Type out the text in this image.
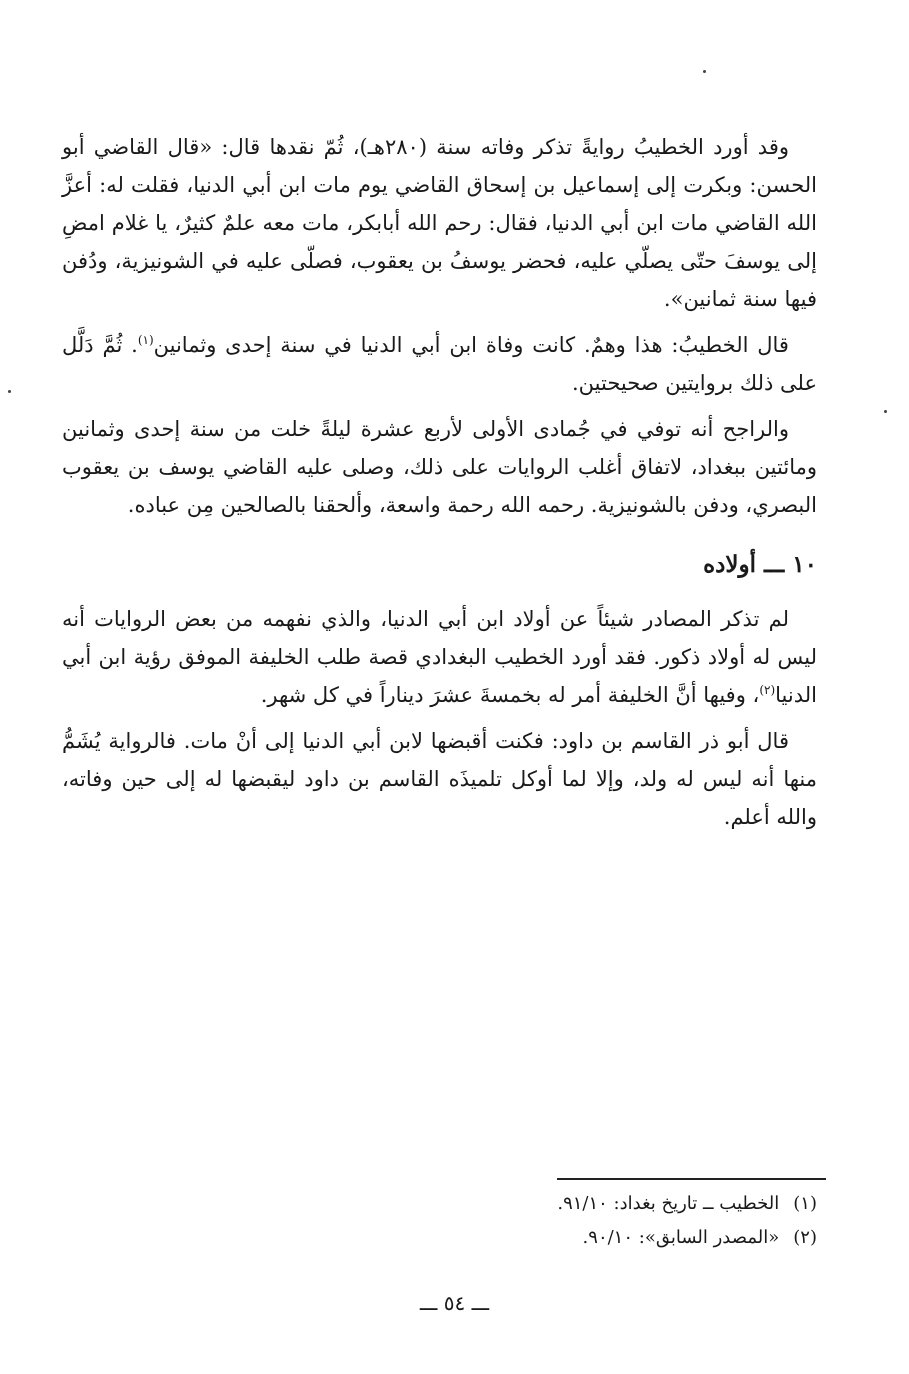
وقد أورد الخطيبُ روايةً تذكر وفاته سنة (٢٨٠هـ)، ثُمّ نقدها قال: «قال القاضي أبو الحسن: وبكرت إلى إسماعيل بن إسحاق القاضي يوم مات ابن أبي الدنيا، فقلت له: أعزَّ الله القاضي مات ابن أبي الدنيا، فقال: رحم الله أبابكر، مات معه علمٌ كثيرٌ، يا غلام امضِ إلى يوسفَ حتّى يصلّي عليه، فحضر يوسفُ بن يعقوب، فصلّى عليه في الشونيزية، ودُفن فيها سنة ثمانين».

قال الخطيبُ: هذا وهمٌ. كانت وفاة ابن أبي الدنيا في سنة إحدى وثمانين$^{(١)}$. ثُمَّ دَلَّل على ذلك بروايتين صحيحتين.

والراجح أنه توفي في جُمادى الأولى لأربع عشرة ليلةً خلت من سنة إحدى وثمانين ومائتين ببغداد، لاتفاق أغلب الروايات على ذلك، وصلى عليه القاضي يوسف بن يعقوب البصري، ودفن بالشونيزية. رحمه الله رحمة واسعة، وألحقنا بالصالحين مِن عباده.

١٠ ـــ أولاده

لم تذكر المصادر شيئاً عن أولاد ابن أبي الدنيا، والذي نفهمه من بعض الروايات أنه ليس له أولاد ذكور. فقد أورد الخطيب البغدادي قصة طلب الخليفة الموفق رؤية ابن أبي الدنيا$^{(٢)}$، وفيها أنَّ الخليفة أمر له بخمسةَ عشرَ ديناراً في كل شهر.

قال أبو ذر القاسم بن داود: فكنت أقبضها لابن أبي الدنيا إلى أنْ مات. فالرواية يُشَمُّ منها أنه ليس له ولد، وإلا لما أوكل تلميذَه القاسم بن داود ليقبضها له إلى حين وفاته، والله أعلم.

(١)الخطيب ــ تاريخ بغداد: ٩١/١٠.
(٢)«المصدر السابق»: ٩٠/١٠.
ـــ ٥٤ ـــ
